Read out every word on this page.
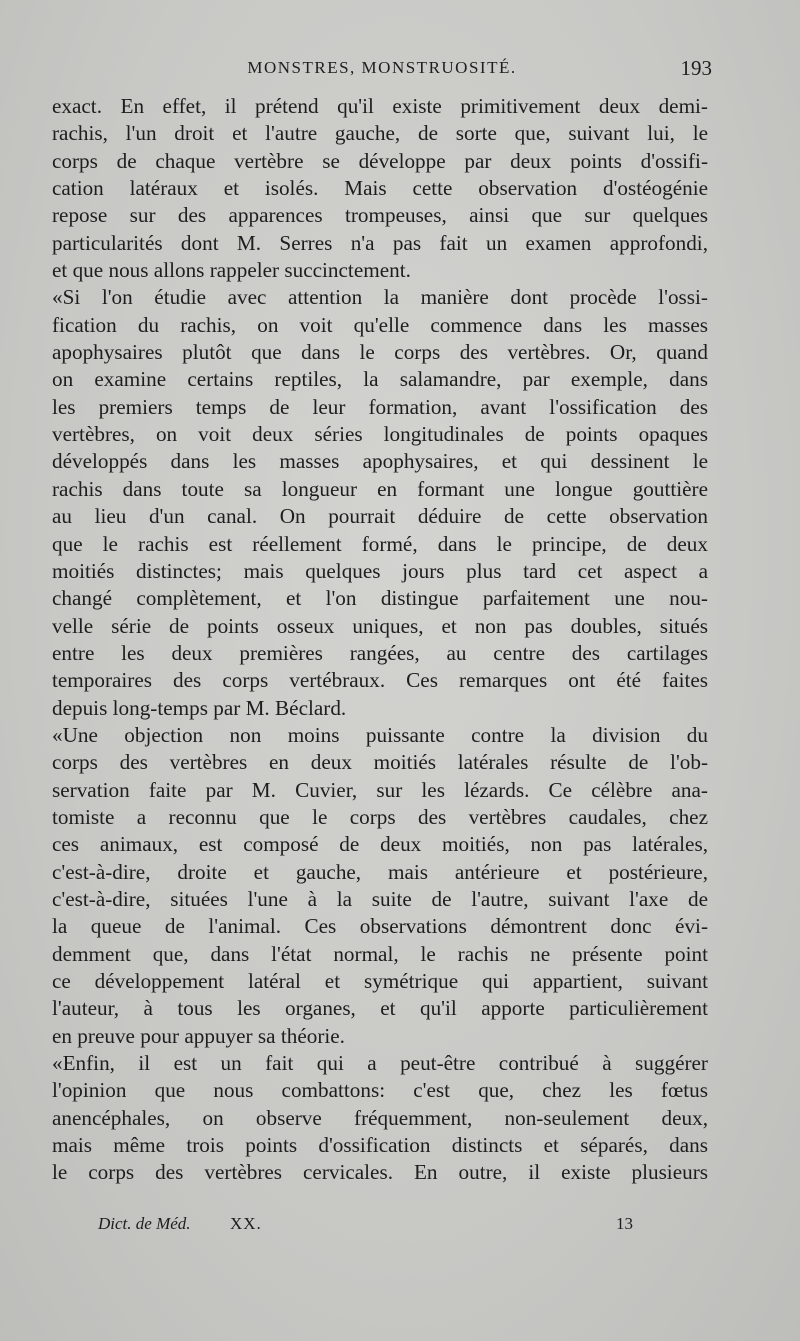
MONSTRES, MONSTRUOSITÉ.	193
exact. En effet, il prétend qu'il existe primitivement deux demi-
rachis, l'un droit et l'autre gauche, de sorte que, suivant lui, le
corps de chaque vertèbre se développe par deux points d'ossifi-
cation latéraux et isolés. Mais cette observation d'ostéogénie
repose sur des apparences trompeuses, ainsi que sur quelques
particularités dont M. Serres n'a pas fait un examen approfondi,
et que nous allons rappeler succinctement.
«Si l'on étudie avec attention la manière dont procède l'ossi-
fication du rachis, on voit qu'elle commence dans les masses
apophysaires plutôt que dans le corps des vertèbres. Or, quand
on examine certains reptiles, la salamandre, par exemple, dans
les premiers temps de leur formation, avant l'ossification des
vertèbres, on voit deux séries longitudinales de points opaques
développés dans les masses apophysaires, et qui dessinent le
rachis dans toute sa longueur en formant une longue gouttière
au lieu d'un canal. On pourrait déduire de cette observation
que le rachis est réellement formé, dans le principe, de deux
moitiés distinctes; mais quelques jours plus tard cet aspect a
changé complètement, et l'on distingue parfaitement une nou-
velle série de points osseux uniques, et non pas doubles, situés
entre les deux premières rangées, au centre des cartilages
temporaires des corps vertébraux. Ces remarques ont été faites
depuis long-temps par M. Béclard.
«Une objection non moins puissante contre la division du
corps des vertèbres en deux moitiés latérales résulte de l'ob-
servation faite par M. Cuvier, sur les lézards. Ce célèbre ana-
tomiste a reconnu que le corps des vertèbres caudales, chez
ces animaux, est composé de deux moitiés, non pas latérales,
c'est-à-dire, droite et gauche, mais antérieure et postérieure,
c'est-à-dire, situées l'une à la suite de l'autre, suivant l'axe de
la queue de l'animal. Ces observations démontrent donc évi-
demment que, dans l'état normal, le rachis ne présente point
ce développement latéral et symétrique qui appartient, suivant
l'auteur, à tous les organes, et qu'il apporte particulièrement
en preuve pour appuyer sa théorie.
«Enfin, il est un fait qui a peut-être contribué à suggérer
l'opinion que nous combattons: c'est que, chez les fœtus
anencéphales, on observe fréquemment, non-seulement deux,
mais même trois points d'ossification distincts et séparés, dans
le corps des vertèbres cervicales. En outre, il existe plusieurs
Dict. de Méd. XX.	13
